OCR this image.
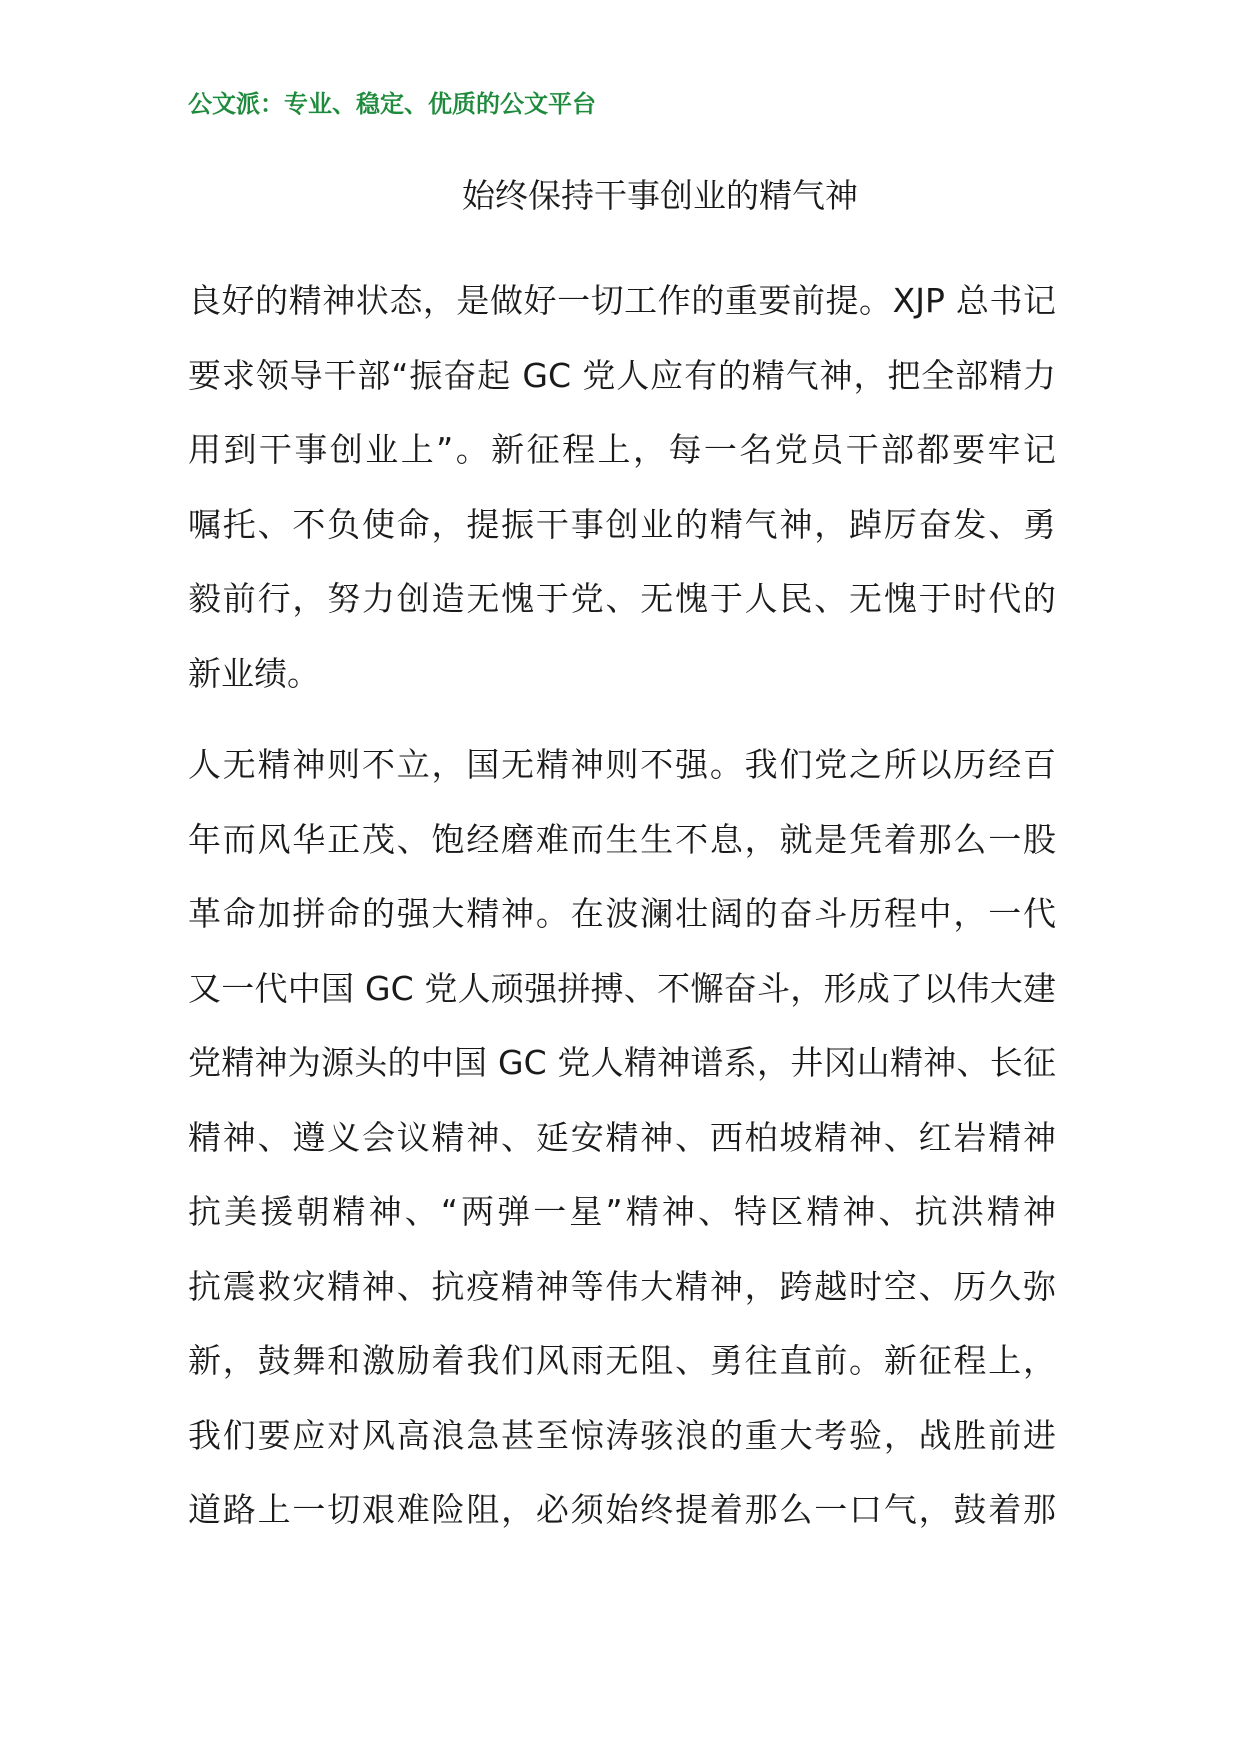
公文派：专业、稳定、优质的公文平台

始终保持干事创业的精气神
良好的精神状态，是做好一切工作的重要前提。XJP 总书记
要求领导干部“振奋起 GC 党人应有的精气神，把全部精力
用到干事创业上”。新征程上，每一名党员干部都要牢记
嘱托、不负使命，提振干事创业的精气神，踔厉奋发、勇
毅前行，努力创造无愧于党、无愧于人民、无愧于时代的
新业绩。
人无精神则不立，国无精神则不强。我们党之所以历经百
年而风华正茂、饱经磨难而生生不息，就是凭着那么一股
革命加拼命的强大精神。在波澜壮阔的奋斗历程中，一代
又一代中国 GC 党人顽强拼搏、不懈奋斗，形成了以伟大建
党精神为源头的中国 GC 党人精神谱系，井冈山精神、长征
精神、遵义会议精神、延安精神、西柏坡精神、红岩精神
抗美援朝精神、“两弹一星”精神、特区精神、抗洪精神
抗震救灾精神、抗疫精神等伟大精神，跨越时空、历久弥
新，鼓舞和激励着我们风雨无阻、勇往直前。新征程上，
我们要应对风高浪急甚至惊涛骇浪的重大考验，战胜前进
道路上一切艰难险阻，必须始终提着那么一口气，鼓着那
